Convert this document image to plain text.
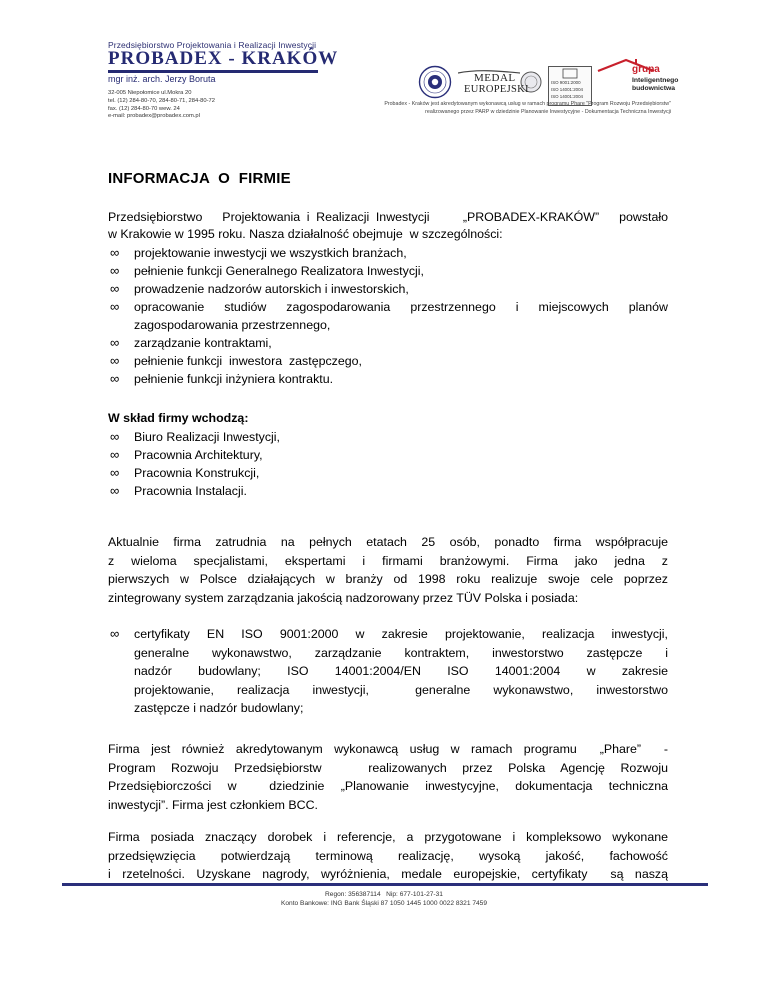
Przedsiębiorstwo Projektowania i Realizacji Inwestycji
PROBADEX - KRAKÓW
mgr inż. arch. Jerzy Boruta
32-005 Niepołomice ul.Mokra 20
tel. (12) 284-80-70, 284-80-71, 284-80-72
fax. (12) 284-80-70 wew. 24
e-mail: probadex@probadex.com.pl
MEDAL
EUROPEJSKI
ISO 9001:2000
ISO 14001:2004
ISO 14001:2004
grupa
Inteligentnego
budownictwa
Probadex - Kraków jest akredytowanym wykonawcą usług w ramach programu Phare "Program Rozwoju Przedsiębiorstw"
realizowanego przez PARP w dziedzinie Planowanie Inwestycyjne - Dokumentacja Techniczna Inwestycji
INFORMACJA  O  FIRMIE
Przedsiębiorstwo   Projektowania i Realizacji Inwestycji     „PROBADEX-KRAKÓW”   powstało
w Krakowie w 1995 roku. Nasza działalność obejmuje  w szczególności:
∞ projektowanie inwestycji we wszystkich branżach,
∞ pełnienie funkcji Generalnego Realizatora Inwestycji,
∞ prowadzenie nadzorów autorskich i inwestorskich,
∞ opracowanie studiów zagospodarowania przestrzennego i miejscowych planów
zagospodarowania przestrzennego,
∞ zarządzanie kontraktami,
∞ pełnienie funkcji  inwestora  zastępczego,
∞ pełnienie funkcji inżyniera kontraktu.
W skład firmy wchodzą:
∞ Biuro Realizacji Inwestycji,
∞ Pracownia Architektury,
∞ Pracownia Konstrukcji,
∞ Pracownia Instalacji.
Aktualnie firma zatrudnia na pełnych etatach 25 osób, ponadto firma współpracuje
z wieloma specjalistami, ekspertami i firmami branżowymi. Firma jako jedna z
pierwszych w Polsce działających w branży od 1998 roku realizuje swoje cele poprzez
zintegrowany system zarządzania jakością nadzorowany przez TÜV Polska i posiada:
∞ certyfikaty EN ISO 9001:2000 w zakresie projektowanie, realizacja inwestycji,
generalne wykonawstwo, zarządzanie kontraktem, inwestorstwo zastępcze i
nadzór  budowlany;  ISO  14001:2004/EN  ISO  14001:2004  w  zakresie
projektowanie, realizacja inwestycji,  generalne wykonawstwo, inwestorstwo
zastępcze i nadzór budowlany;
Firma jest również akredytowanym wykonawcą usług w ramach programu  „Phare”  -
Program Rozwoju Przedsiębiorstw   realizowanych przez Polska Agencję Rozwoju
Przedsiębiorczości w  dziedzinie „Planowanie inwestycyjne, dokumentacja techniczna
inwestycji”. Firma jest członkiem BCC.
Firma posiada znaczący dorobek i referencje, a przygotowane i kompleksowo wykonane
przedsięwzięcia  potwierdzają  terminową  realizację,  wysoką  jakość,  fachowość
i rzetelności. Uzyskane nagrody, wyróżnienia, medale europejskie, certyfikaty  są naszą
Regon: 356387114   Nip: 677-101-27-31
Konto Bankowe: ING Bank Śląski 87 1050 1445 1000 0022 8321 7459
